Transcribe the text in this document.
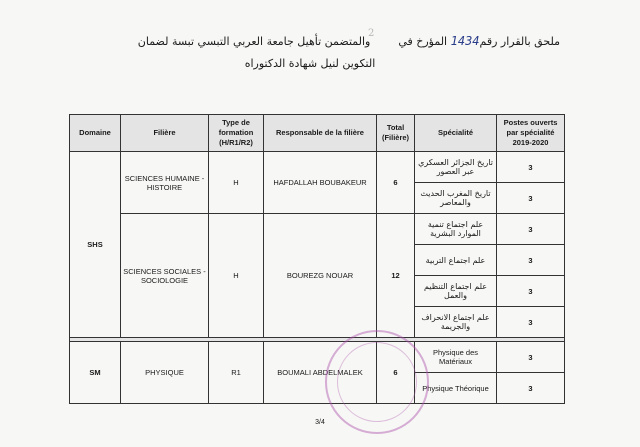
ملحق بالقرار رقم1434 المؤرخ في        والمتضمن تأهيل جامعة العربي التبسي تبسة لضمان
التكوين لنيل شهادة الدكتوراه
2
Domaine	Filière	Type de formation (H/R1/R2)	Responsable de la filière	Total (Filière)	Spécialité	Postes ouverts par spécialité 2019-2020
SHS	SCIENCES HUMAINE - HISTOIRE	H	HAFDALLAH BOUBAKEUR	6	تاريخ الجزائر العسكري عبر العصور	3
					تاريخ المغرب الحديث والمعاصر	3
	SCIENCES SOCIALES - SOCIOLOGIE	H	BOUREZG NOUAR	12	علم اجتماع تنمية الموارد البشرية	3
					علم اجتماع التربية	3
					علم اجتماع التنظيم والعمل	3
					علم اجتماع الانحراف والجريمة	3

SM	PHYSIQUE	R1	BOUMALI ABDELMALEK	6	Physique des Matériaux	3
					Physique Théorique	3
3/4
